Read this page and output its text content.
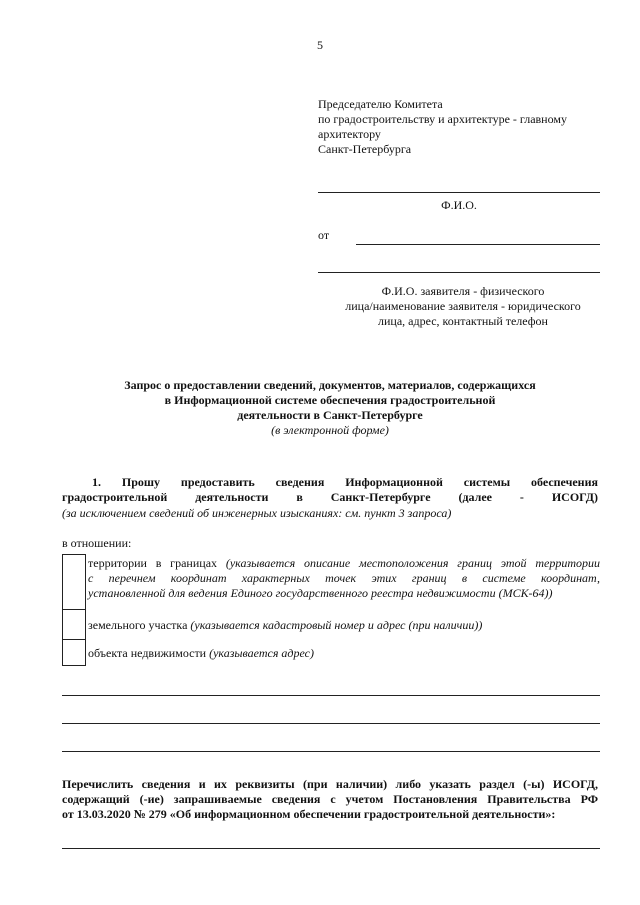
5
Председателю Комитета
по градостроительству и архитектуре - главному
архитектору
Санкт-Петербурга
Ф.И.О.
от
Ф.И.О. заявителя - физического
лица/наименование заявителя - юридического
лица, адрес, контактный телефон
Запрос о предоставлении сведений, документов, материалов, содержащихся
в Информационной системе обеспечения градостроительной
деятельности в Санкт-Петербурге
(в электронной форме)
1. Прошу предоставить сведения Информационной системы обеспечения
градостроительной деятельности в Санкт-Петербурге (далее - ИСОГД)
(за исключением сведений об инженерных изысканиях: см. пункт 3 запроса)
в отношении:
территории в границах (указывается описание местоположения границ этой территории
с перечнем координат характерных точек этих границ в системе координат,
установленной для ведения Единого государственного реестра недвижимости (МСК-64))
земельного участка (указывается кадастровый номер и адрес (при наличии))
объекта недвижимости (указывается адрес)
Перечислить сведения и их реквизиты (при наличии) либо указать раздел (-ы) ИСОГД,
содержащий (-ие) запрашиваемые сведения с учетом Постановления Правительства РФ
от 13.03.2020 № 279 «Об информационном обеспечении градостроительной деятельности»:
